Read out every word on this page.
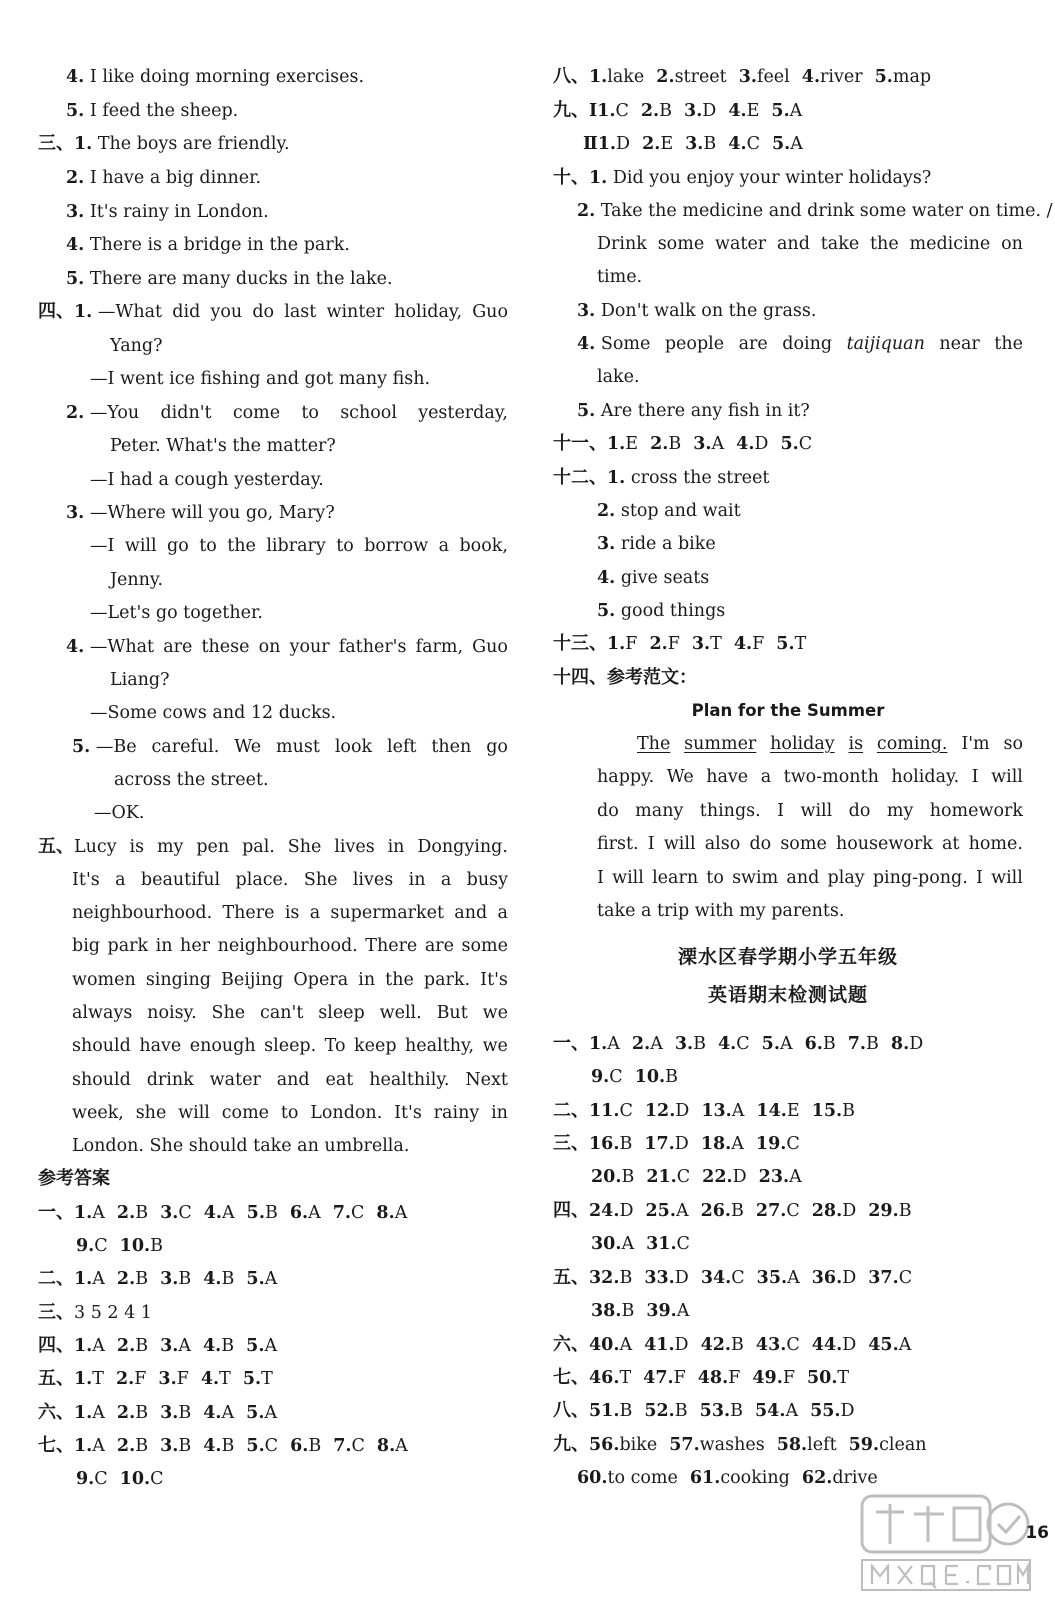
4. I like doing morning exercises.
5. I feed the sheep.
三、1. The boys are friendly.
2. I have a big dinner.
3. It's rainy in London.
4. There is a bridge in the park.
5. There are many ducks in the lake.
四、1. —What did you do last winter holiday, Guo
Yang?
—I went ice fishing and got many fish.
2. —You didn't come to school yesterday,
Peter. What's the matter?
—I had a cough yesterday.
3. —Where will you go, Mary?
—I will go to the library to borrow a book,
Jenny.
—Let's go together.
4. —What are these on your father's farm, Guo
Liang?
—Some cows and 12 ducks.
5. —Be careful. We must look left then go
across the street.
—OK.
五、Lucy is my pen pal. She lives in Dongying.
It's a beautiful place. She lives in a busy
neighbourhood. There is a supermarket and a
big park in her neighbourhood. There are some
women singing Beijing Opera in the park. It's
always noisy. She can't sleep well. But we
should have enough sleep. To keep healthy, we
should drink water and eat healthily. Next
week, she will come to London. It's rainy in
London. She should take an umbrella.
参考答案
一、1.A 2.B 3.C 4.A 5.B 6.A 7.C 8.A
9.C 10.B
二、1.A 2.B 3.B 4.B 5.A
三、3 5 2 4 1
四、1.A 2.B 3.A 4.B 5.A
五、1.T 2.F 3.F 4.T 5.T
六、1.A 2.B 3.B 4.A 5.A
七、1.A 2.B 3.B 4.B 5.C 6.B 7.C 8.A
9.C 10.C
八、1.lake 2.street 3.feel 4.river 5.map
九、Ⅰ1.C 2.B 3.D 4.E 5.A
Ⅱ1.D 2.E 3.B 4.C 5.A
十、1. Did you enjoy your winter holidays?
2. Take the medicine and drink some water on time. /
Drink some water and take the medicine on
time.
3. Don't walk on the grass.
4. Some people are doing taijiquan near the
lake.
5. Are there any fish in it?
十一、1.E 2.B 3.A 4.D 5.C
十二、1. cross the street
2. stop and wait
3. ride a bike
4. give seats
5. good things
十三、1.F 2.F 3.T 4.F 5.T
十四、参考范文：
Plan for the Summer
The summer holiday is coming. I'm so
happy. We have a two-month holiday. I will
do many things. I will do my homework
first. I will also do some housework at home.
I will learn to swim and play ping-pong. I will
take a trip with my parents.
溧水区春学期小学五年级
英语期末检测试题
一、1.A 2.A 3.B 4.C 5.A 6.B 7.B 8.D
9.C 10.B
二、11.C 12.D 13.A 14.E 15.B
三、16.B 17.D 18.A 19.C
20.B 21.C 22.D 23.A
四、24.D 25.A 26.B 27.C 28.D 29.B
30.A 31.C
五、32.B 33.D 34.C 35.A 36.D 37.C
38.B 39.A
六、40.A 41.D 42.B 43.C 44.D 45.A
七、46.T 47.F 48.F 49.F 50.T
八、51.B 52.B 53.B 54.A 55.D
九、56.bike 57.washes 58.left 59.clean
60.to come 61.cooking 62.drive
16
